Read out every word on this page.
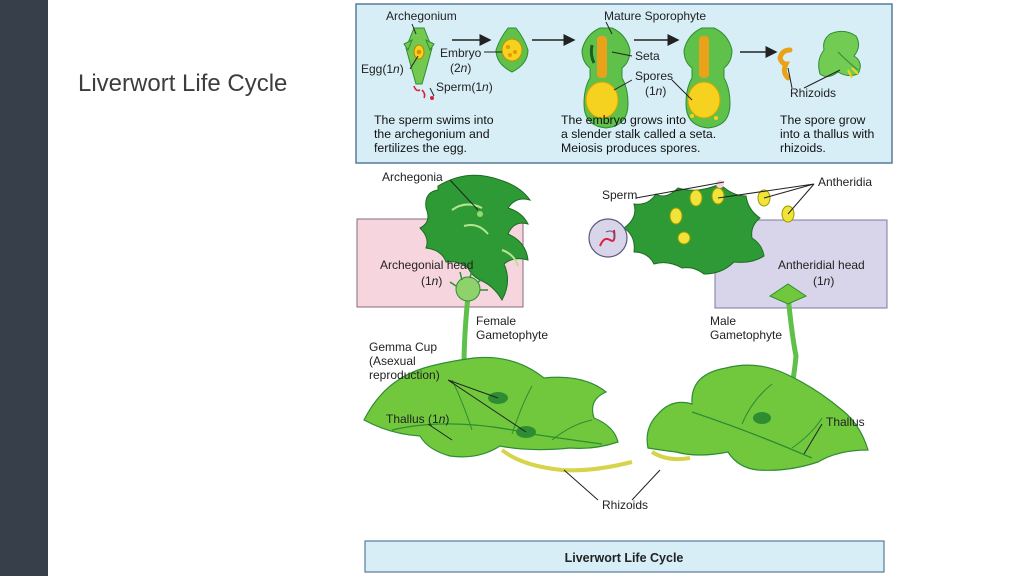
Liverwort Life Cycle
Archegonium
Egg(1n)
Embryo
(2n)
Sperm(1n)
Mature Sporophyte
Seta
Spores
(1n)	Rhizoids
The sperm swims into
the archegonium and
fertilizes the egg.
The embryo grows into
a slender stalk called a seta.
Meiosis produces spores.
The spore grow
into a thallus with
rhizoids.
Archegonia
Sperm
Antheridia
Archegonial head
(1n)
Antheridial head
(1n)
Female
Gametophyte
Male
Gametophyte
Gemma Cup
(Asexual
reproduction)
Thallus (1n)	Thallus
Rhizoids
Liverwort Life Cycle
